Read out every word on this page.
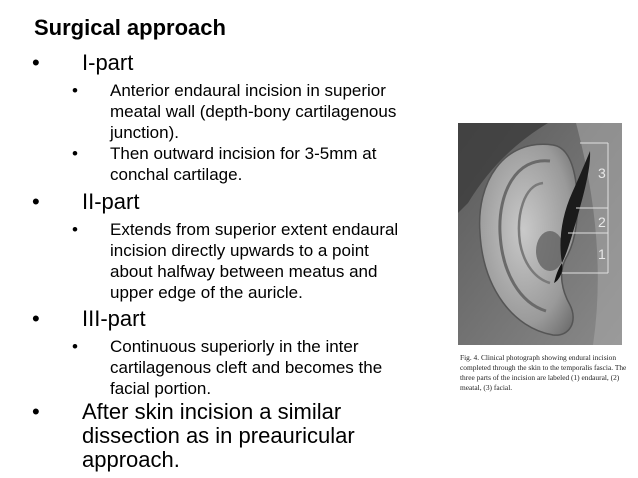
Surgical approach
• I-part
• Anterior endaural incision in superior
meatal wall (depth-bony cartilagenous
junction).
• Then outward incision for 3-5mm at
conchal cartilage.
• II-part
• Extends from superior extent endaural
incision directly upwards to a point
about halfway between meatus and
upper edge of the auricle.
• III-part
• Continuous superiorly in the inter
cartilagenous cleft and becomes the
facial portion.
• After skin incision a similar
dissection as in preauricular
approach.
3
2
1
Fig. 4. Clinical photograph showing endural incision
completed through the skin to the temporalis fascia. The
three parts of the incision are labeled (1) endaural, (2)
meatal, (3) facial.
